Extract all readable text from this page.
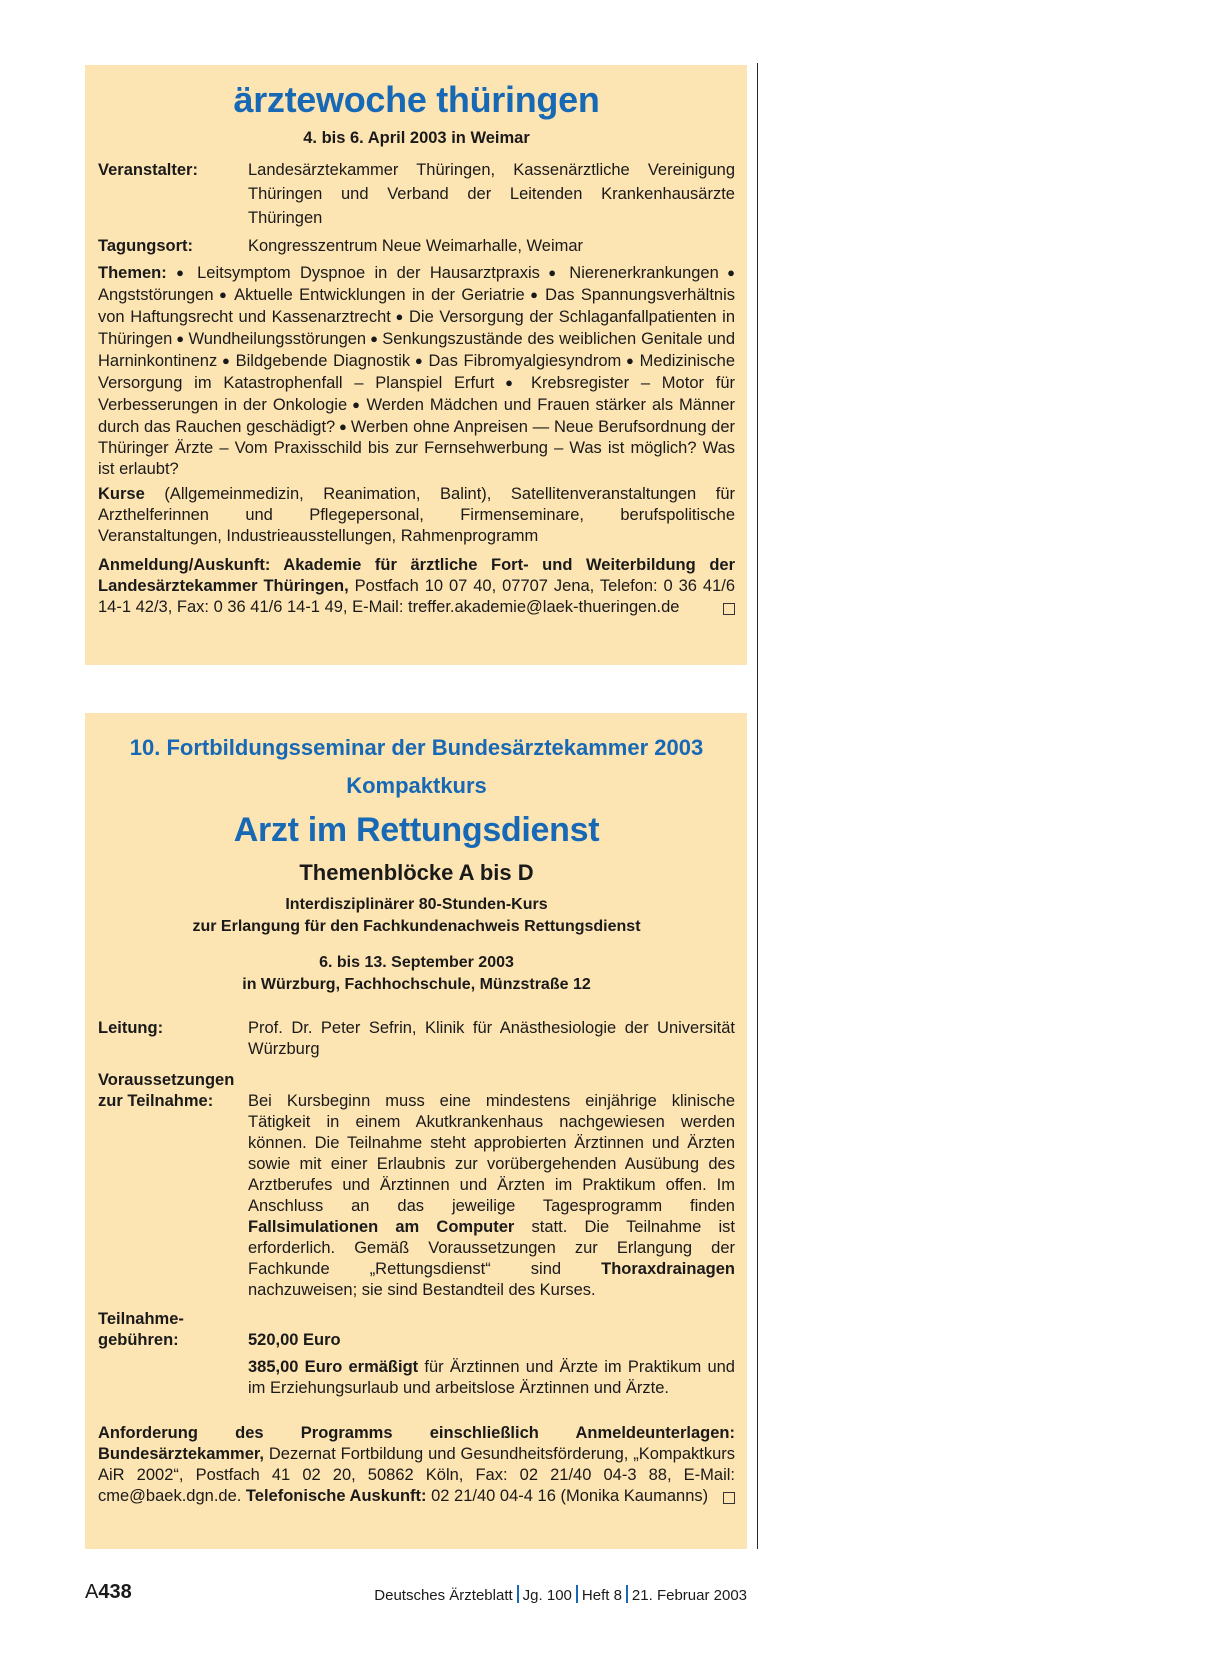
ärztewoche thüringen
4. bis 6. April 2003 in Weimar
Veranstalter:	Landesärztekammer Thüringen, Kassenärztliche Vereinigung Thüringen und Verband der Leitenden Krankenhausärzte Thüringen
Tagungsort:	Kongresszentrum Neue Weimarhalle, Weimar
Themen: ● Leitsymptom Dyspnoe in der Hausarztpraxis ● Nierenerkrankungen ● Angststörungen ● Aktuelle Entwicklungen in der Geriatrie ● Das Spannungsverhältnis von Haftungsrecht und Kassenarztrecht ● Die Versorgung der Schlaganfallpatienten in Thüringen ● Wundheilungsstörungen ● Senkungszustände des weiblichen Genitale und Harninkontinenz ● Bildgebende Diagnostik ● Das Fibromyalgiesyndrom ● Medizinische Versorgung im Katastrophenfall – Planspiel Erfurt ● Krebsregister – Motor für Verbesserungen in der Onkologie ● Werden Mädchen und Frauen stärker als Männer durch das Rauchen geschädigt? ● Werben ohne Anpreisen — Neue Berufsordnung der Thüringer Ärzte – Vom Praxisschild bis zur Fernsehwerbung – Was ist möglich? Was ist erlaubt?
Kurse (Allgemeinmedizin, Reanimation, Balint), Satellitenveranstaltungen für Arzthelferinnen und Pflegepersonal, Firmenseminare, berufspolitische Veranstaltungen, Industrieausstellungen, Rahmenprogramm
Anmeldung/Auskunft: Akademie für ärztliche Fort- und Weiterbildung der Landesärztekammer Thüringen, Postfach 10 07 40, 07707 Jena, Telefon: 0 36 41/6 14-1 42/3, Fax: 0 36 41/6 14-1 49, E-Mail: treffer.akademie@laek-thueringen.de
10. Fortbildungsseminar der Bundesärztekammer 2003
Kompaktkurs
Arzt im Rettungsdienst
Themenblöcke A bis D
Interdisziplinärer 80-Stunden-Kurs
zur Erlangung für den Fachkundenachweis Rettungsdienst
6. bis 13. September 2003
in Würzburg, Fachhochschule, Münzstraße 12
Leitung:	Prof. Dr. Peter Sefrin, Klinik für Anästhesiologie der Universität Würzburg
Voraussetzungen
zur Teilnahme:	Bei Kursbeginn muss eine mindestens einjährige klinische Tätigkeit in einem Akutkrankenhaus nachgewiesen werden können. Die Teilnahme steht approbierten Ärztinnen und Ärzten sowie mit einer Erlaubnis zur vorübergehenden Ausübung des Arztberufes und Ärztinnen und Ärzten im Praktikum offen. Im Anschluss an das jeweilige Tagesprogramm finden Fallsimulationen am Computer statt. Die Teilnahme ist erforderlich. Gemäß Voraussetzungen zur Erlangung der Fachkunde „Rettungsdienst“ sind Thoraxdrainagen nachzuweisen; sie sind Bestandteil des Kurses.
Teilnahme-
gebühren:	520,00 Euro
385,00 Euro ermäßigt für Ärztinnen und Ärzte im Praktikum und im Erziehungsurlaub und arbeitslose Ärztinnen und Ärzte.
Anforderung des Programms einschließlich Anmeldeunterlagen: Bundesärztekammer, Dezernat Fortbildung und Gesundheitsförderung, „Kompaktkurs AiR 2002“, Postfach 41 02 20, 50862 Köln, Fax: 02 21/40 04-3 88, E-Mail: cme@baek.dgn.de. Telefonische Auskunft: 02 21/40 04-4 16 (Monika Kaumanns)
A438	Deutsches Ärzteblatt Jg. 100 Heft 8 21. Februar 2003
